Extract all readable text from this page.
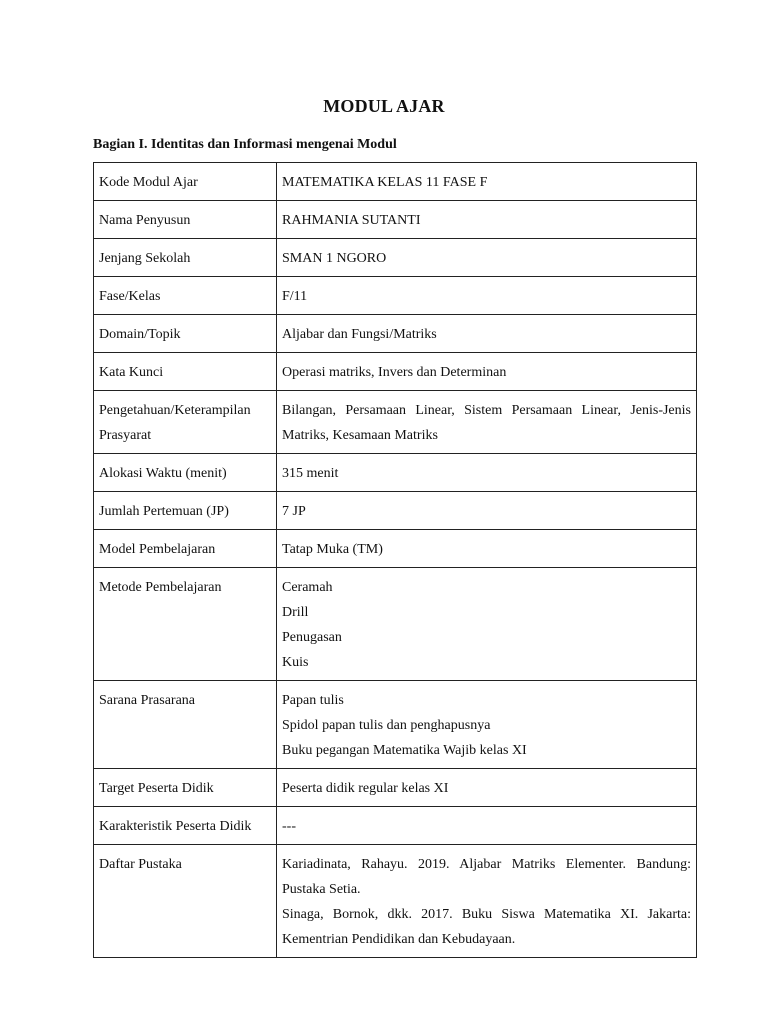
MODUL AJAR
Bagian I. Identitas dan Informasi mengenai Modul
Kode Modul Ajar	MATEMATIKA KELAS 11 FASE F
Nama Penyusun	RAHMANIA SUTANTI
Jenjang Sekolah	SMAN 1 NGORO
Fase/Kelas	F/11
Domain/Topik	Aljabar dan Fungsi/Matriks
Kata Kunci	Operasi matriks, Invers dan Determinan
Pengetahuan/Keterampilan Prasyarat	Bilangan, Persamaan Linear, Sistem Persamaan Linear, Jenis-Jenis Matriks, Kesamaan Matriks
Alokasi Waktu (menit)	315 menit
Jumlah Pertemuan (JP)	7 JP
Model Pembelajaran	Tatap Muka (TM)
Metode Pembelajaran	Ceramah
Drill
Penugasan
Kuis

Sarana Prasarana	Papan tulis
Spidol papan tulis dan penghapusnya
Buku pegangan Matematika Wajib kelas XI

Target Peserta Didik	Peserta didik regular kelas XI
Karakteristik Peserta Didik	---
Daftar Pustaka	Kariadinata, Rahayu. 2019. Aljabar Matriks Elementer. Bandung: Pustaka Setia.
Sinaga, Bornok, dkk. 2017. Buku Siswa Matematika XI. Jakarta: Kementrian Pendidikan dan Kebudayaan.
